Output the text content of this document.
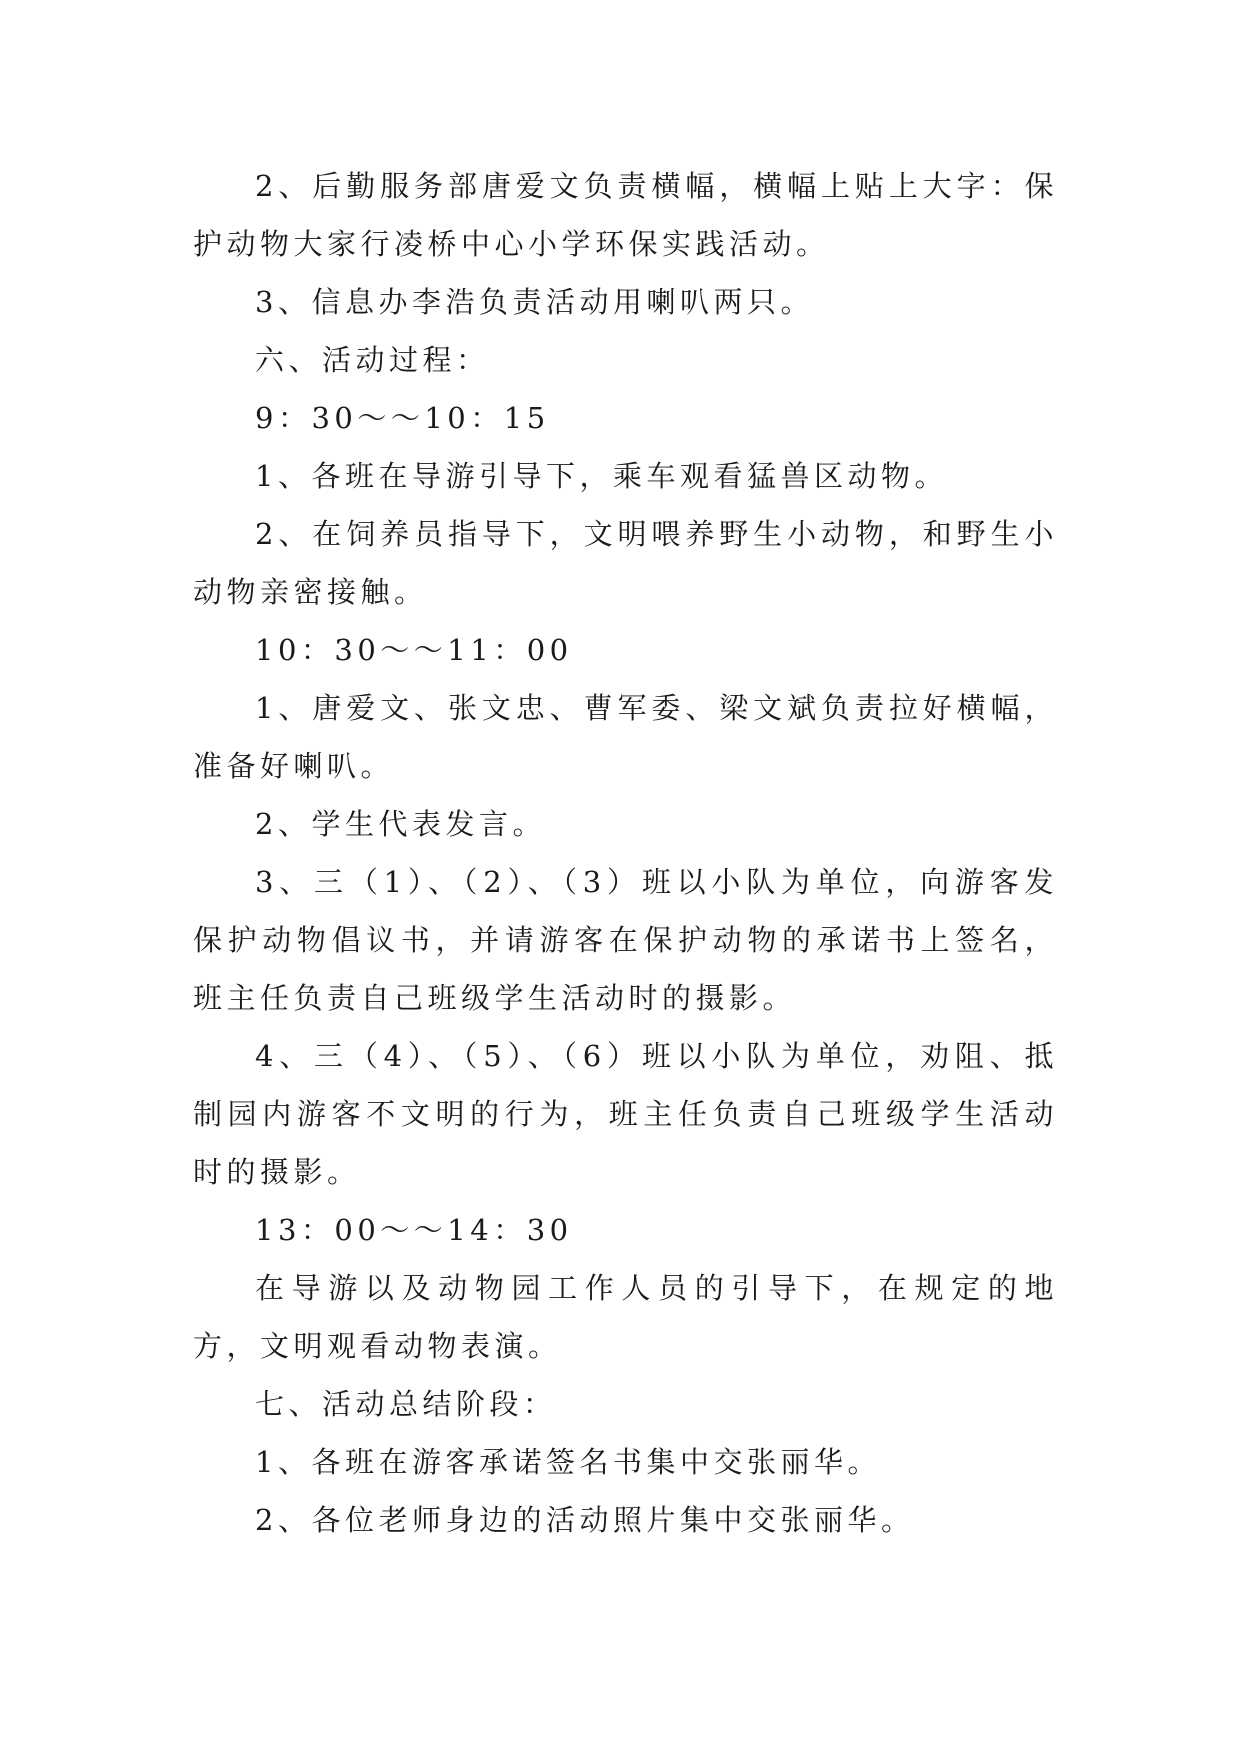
2、后勤服务部唐爱文负责横幅，横幅上贴上大字：保护动物大家行凌桥中心小学环保实践活动。

3、信息办李浩负责活动用喇叭两只。

六、活动过程：

9：30～～10：15

1、各班在导游引导下，乘车观看猛兽区动物。

2、在饲养员指导下，文明喂养野生小动物，和野生小动物亲密接触。

10：30～～11：00

1、唐爱文、张文忠、曹军委、梁文斌负责拉好横幅，准备好喇叭。

2、学生代表发言。

3、三（1）、（2）、（3）班以小队为单位，向游客发保护动物倡议书，并请游客在保护动物的承诺书上签名，班主任负责自己班级学生活动时的摄影。

4、三（4）、（5）、（6）班以小队为单位，劝阻、抵制园内游客不文明的行为，班主任负责自己班级学生活动时的摄影。

13：00～～14：30

在导游以及动物园工作人员的引导下，在规定的地方，文明观看动物表演。

七、活动总结阶段：

1、各班在游客承诺签名书集中交张丽华。

2、各位老师身边的活动照片集中交张丽华。
